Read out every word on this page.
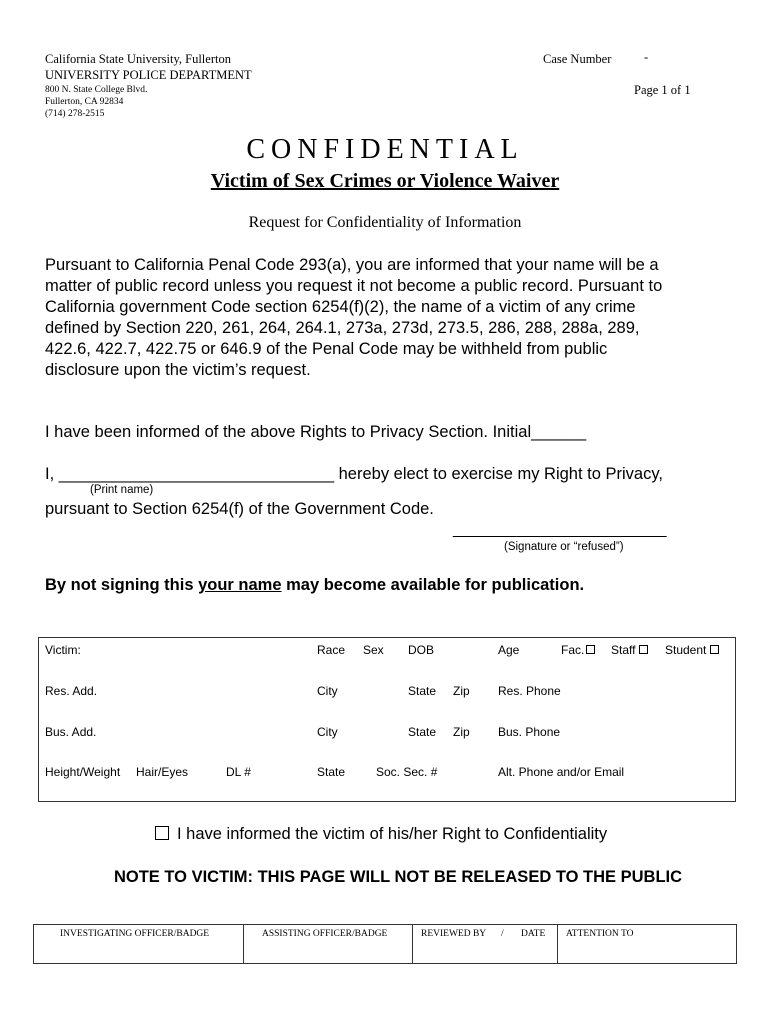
California State University, Fullerton
UNIVERSITY POLICE DEPARTMENT
800 N. State College Blvd.
Fullerton, CA 92834
(714) 278-2515
Case Number	-
Page 1 of 1
CONFIDENTIAL
Victim of Sex Crimes or Violence Waiver
Request for Confidentiality of Information
Pursuant to California Penal Code 293(a), you are informed that your name will be a
matter of public record unless you request it not become a public record. Pursuant to
California government Code section 6254(f)(2), the name of a victim of any crime
defined by Section 220, 261, 264, 264.1, 273a, 273d, 273.5, 286, 288, 288a, 289,
422.6, 422.7, 422.75 or 646.9 of the Penal Code may be withheld from public
disclosure upon the victim’s request.
I have been informed of the above Rights to Privacy Section. Initial______
I, ______________________________ hereby elect to exercise my Right to Privacy,
(Print name)
pursuant to Section 6254(f) of the Government Code.
________________________
(Signature or “refused”)
By not signing this your name may become available for publication.
Victim:	Race Sex DOB	Age	Fac.	Staff	Student
Res. Add.	City	State Zip Res. Phone
Bus. Add.	City	State Zip Bus. Phone
Height/Weight Hair/Eyes	DL #	State	Soc. Sec. #	Alt. Phone and/or Email
I have informed the victim of his/her Right to Confidentiality
NOTE TO VICTIM: THIS PAGE WILL NOT BE RELEASED TO THE PUBLIC
INVESTIGATING OFFICER/BADGE	ASSISTING OFFICER/BADGE	REVIEWED BY / DATE ATTENTION TO
